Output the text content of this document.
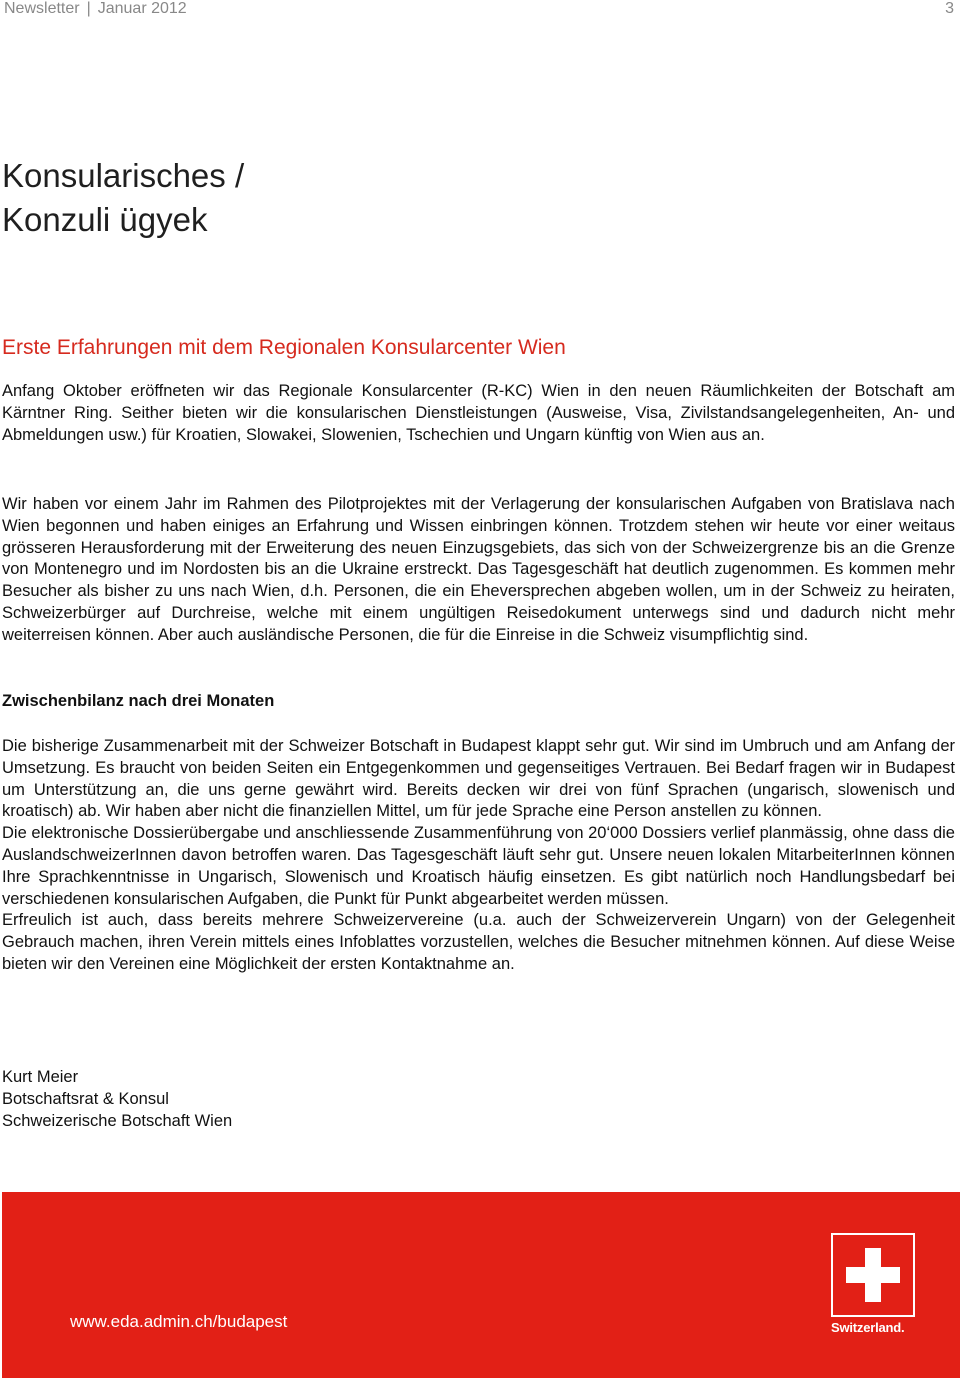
Newsletter | Januar 2012	3
Konsularisches /
Konzuli ügyek
Erste Erfahrungen mit dem Regionalen Konsularcenter Wien

Anfang Oktober eröffneten wir das Regionale Konsularcenter (R-KC) Wien in den neuen Räumlichkeiten der Botschaft am Kärntner Ring. Seither bieten wir die konsularischen Dienstleistungen (Ausweise, Visa, Zivilstandsangelegenheiten, An- und Abmeldungen usw.) für Kroatien, Slowakei, Slowenien, Tschechien und Ungarn künftig von Wien aus an.

Wir haben vor einem Jahr im Rahmen des Pilotprojektes mit der Verlagerung der konsularischen Aufgaben von Bratislava nach Wien begonnen und haben einiges an Erfahrung und Wissen einbringen können. Trotzdem stehen wir heute vor einer weitaus grösseren Herausforderung mit der Erweiterung des neuen Einzugsgebiets, das sich von der Schweizergrenze bis an die Grenze von Montenegro und im Nordosten bis an die Ukraine erstreckt. Das Tagesgeschäft hat deutlich zugenommen. Es kommen mehr Besucher als bisher zu uns nach Wien, d.h. Personen, die ein Eheversprechen abgeben wollen, um in der Schweiz zu heiraten, Schweizerbürger auf Durchreise, welche mit einem ungültigen Reisedokument unterwegs sind und dadurch nicht mehr weiterreisen können. Aber auch ausländische Personen, die für die Einreise in die Schweiz visumpflichtig sind.

Zwischenbilanz nach drei Monaten
Die bisherige Zusammenarbeit mit der Schweizer Botschaft in Budapest klappt sehr gut. Wir sind im Umbruch und am Anfang der Umsetzung. Es braucht von beiden Seiten ein Entgegenkommen und gegenseitiges Vertrauen. Bei Bedarf fragen wir in Budapest um Unterstützung an, die uns gerne gewährt wird. Bereits decken wir drei von fünf Sprachen (ungarisch, slowenisch und kroatisch) ab. Wir haben aber nicht die finanziellen Mittel, um für jede Sprache eine Person anstellen zu können.
Die elektronische Dossierübergabe und anschliessende Zusammenführung von 20‘000 Dossiers verlief planmässig, ohne dass die AuslandschweizerInnen davon betroffen waren. Das Tagesgeschäft läuft sehr gut. Unsere neuen lokalen MitarbeiterInnen können Ihre Sprachkenntnisse in Ungarisch, Slowenisch und Kroatisch häufig einsetzen. Es gibt natürlich noch Handlungsbedarf bei verschiedenen konsularischen Aufgaben, die Punkt für Punkt abgearbeitet werden müssen.
Erfreulich ist auch, dass bereits mehrere Schweizervereine (u.a. auch der Schweizerverein Ungarn) von der Gelegenheit Gebrauch machen, ihren Verein mittels eines Infoblattes vorzustellen, welches die Besucher mitnehmen können. Auf diese Weise bieten wir den Vereinen eine Möglichkeit der ersten Kontaktnahme an.
Kurt Meier
Botschaftsrat & Konsul
Schweizerische Botschaft Wien
www.eda.admin.ch/budapest	Switzerland.
